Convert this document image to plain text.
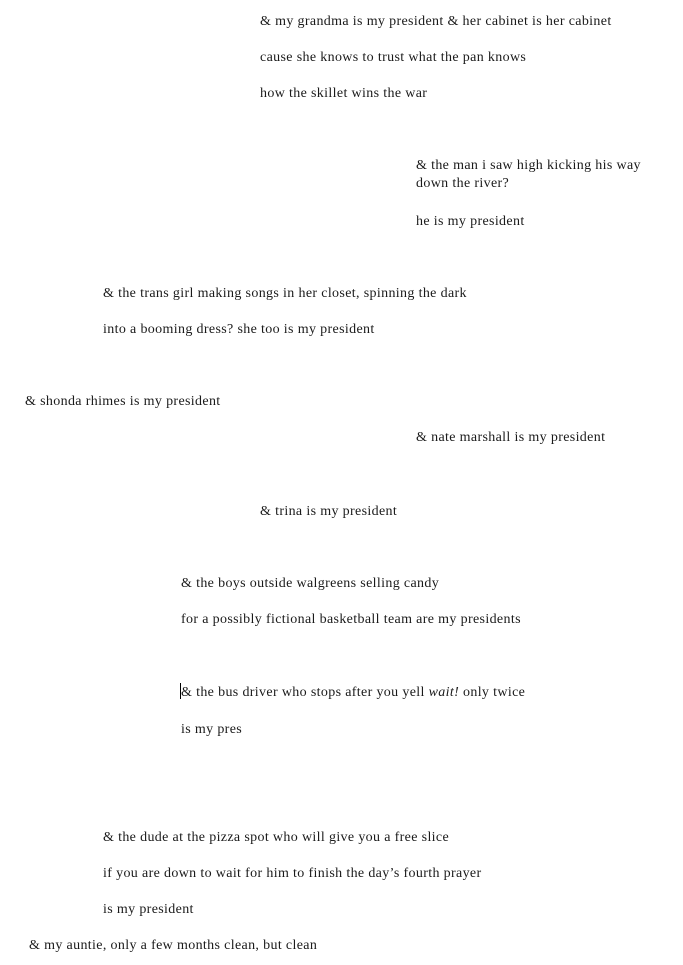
& my grandma is my president & her cabinet is her cabinet

cause she knows to trust what the pan knows

how the skillet wins the war

& the man i saw high kicking his way

down the river?

he is my president

& the trans girl making songs in her closet, spinning the dark

into a booming dress? she too is my president

& shonda rhimes is my president

& nate marshall is my president

& trina is my president

& the boys outside walgreens selling candy

for a possibly fictional basketball team are my presidents

& the bus driver who stops after you yell wait! only twice

is my pres

& the dude at the pizza spot who will give you a free slice

if you are down to wait for him to finish the day’s fourth prayer

is my president

& my auntie, only a few months clean, but clean
